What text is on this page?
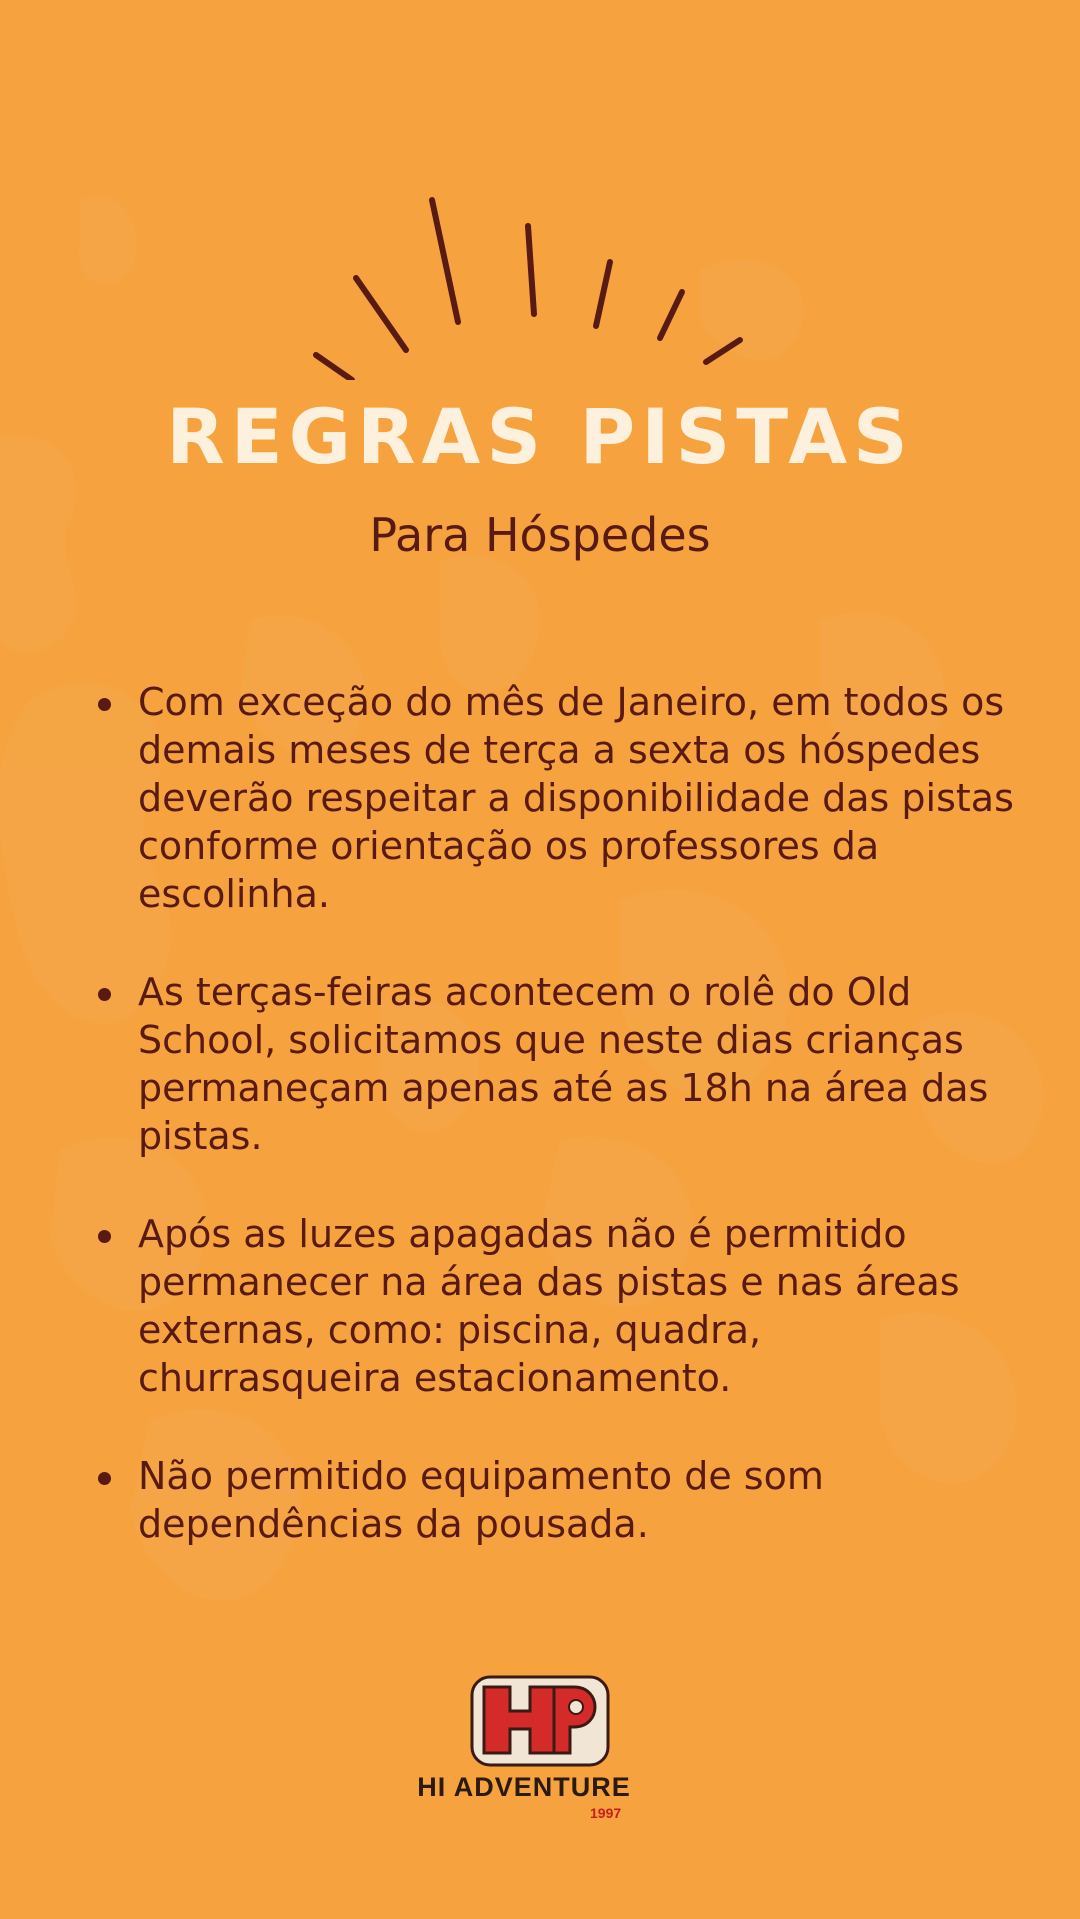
REGRAS PISTAS
Para Hóspedes
Com exceção do mês de Janeiro, em todos os demais meses de terça a sexta os hóspedes deverão respeitar a disponibilidade das pistas conforme orientação os professores da escolinha.
As terças-feiras acontecem o rolê do Old School, solicitamos que neste dias crianças permaneçam apenas até as 18h na área das pistas.
Após as luzes apagadas não é permitido permanecer na área das pistas e nas áreas externas, como: piscina, quadra, churrasqueira estacionamento.
Não permitido equipamento de som dependências da pousada.
HI ADVENTURE
1997
